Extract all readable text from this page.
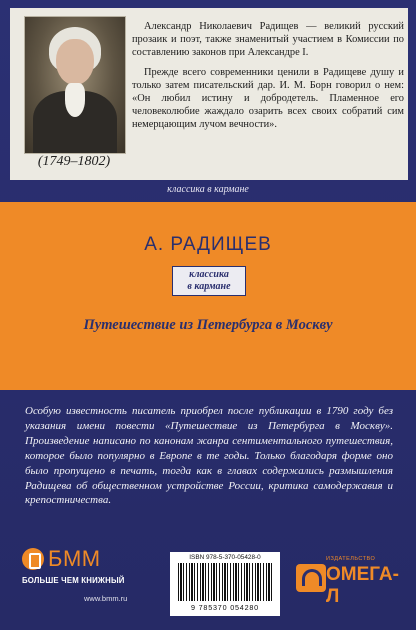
(1749–1802)

Александр Николаевич Радищев — великий русский прозаик и поэт, также знаменитый участием в Комиссии по составлению законов при Александре I.

Прежде всего современники ценили в Радищеве душу и только затем писательский дар. И. М. Борн говорил о нем: «Он любил истину и добродетель. Пламенное его человеколюбие жаждало озарить всех своих собратий сим немерцающим лучом вечности».

классика в кармане
А. РАДИЩЕВ
классика
в кармане
Путешествие из Петербурга в Москву

Особую известность писатель приобрел после публикации в 1790 году без указания имени повести «Путешествие из Петербурга в Москву». Произведение написано по канонам жанра сентиментального путешествия, которое было популярно в Европе в те годы. Только благодаря форме оно было пропущено в печать, тогда как в главах содержались размышления Радищева об общественном устройстве России, критика самодержавия и крепостничества.

БММ
БОЛЬШЕ ЧЕМ КНИЖНЫЙ
www.bmm.ru
ISBN 978-5-370-05428-0
9 785370 054280
ИЗДАТЕЛЬСТВО
ОМЕГА-Л
